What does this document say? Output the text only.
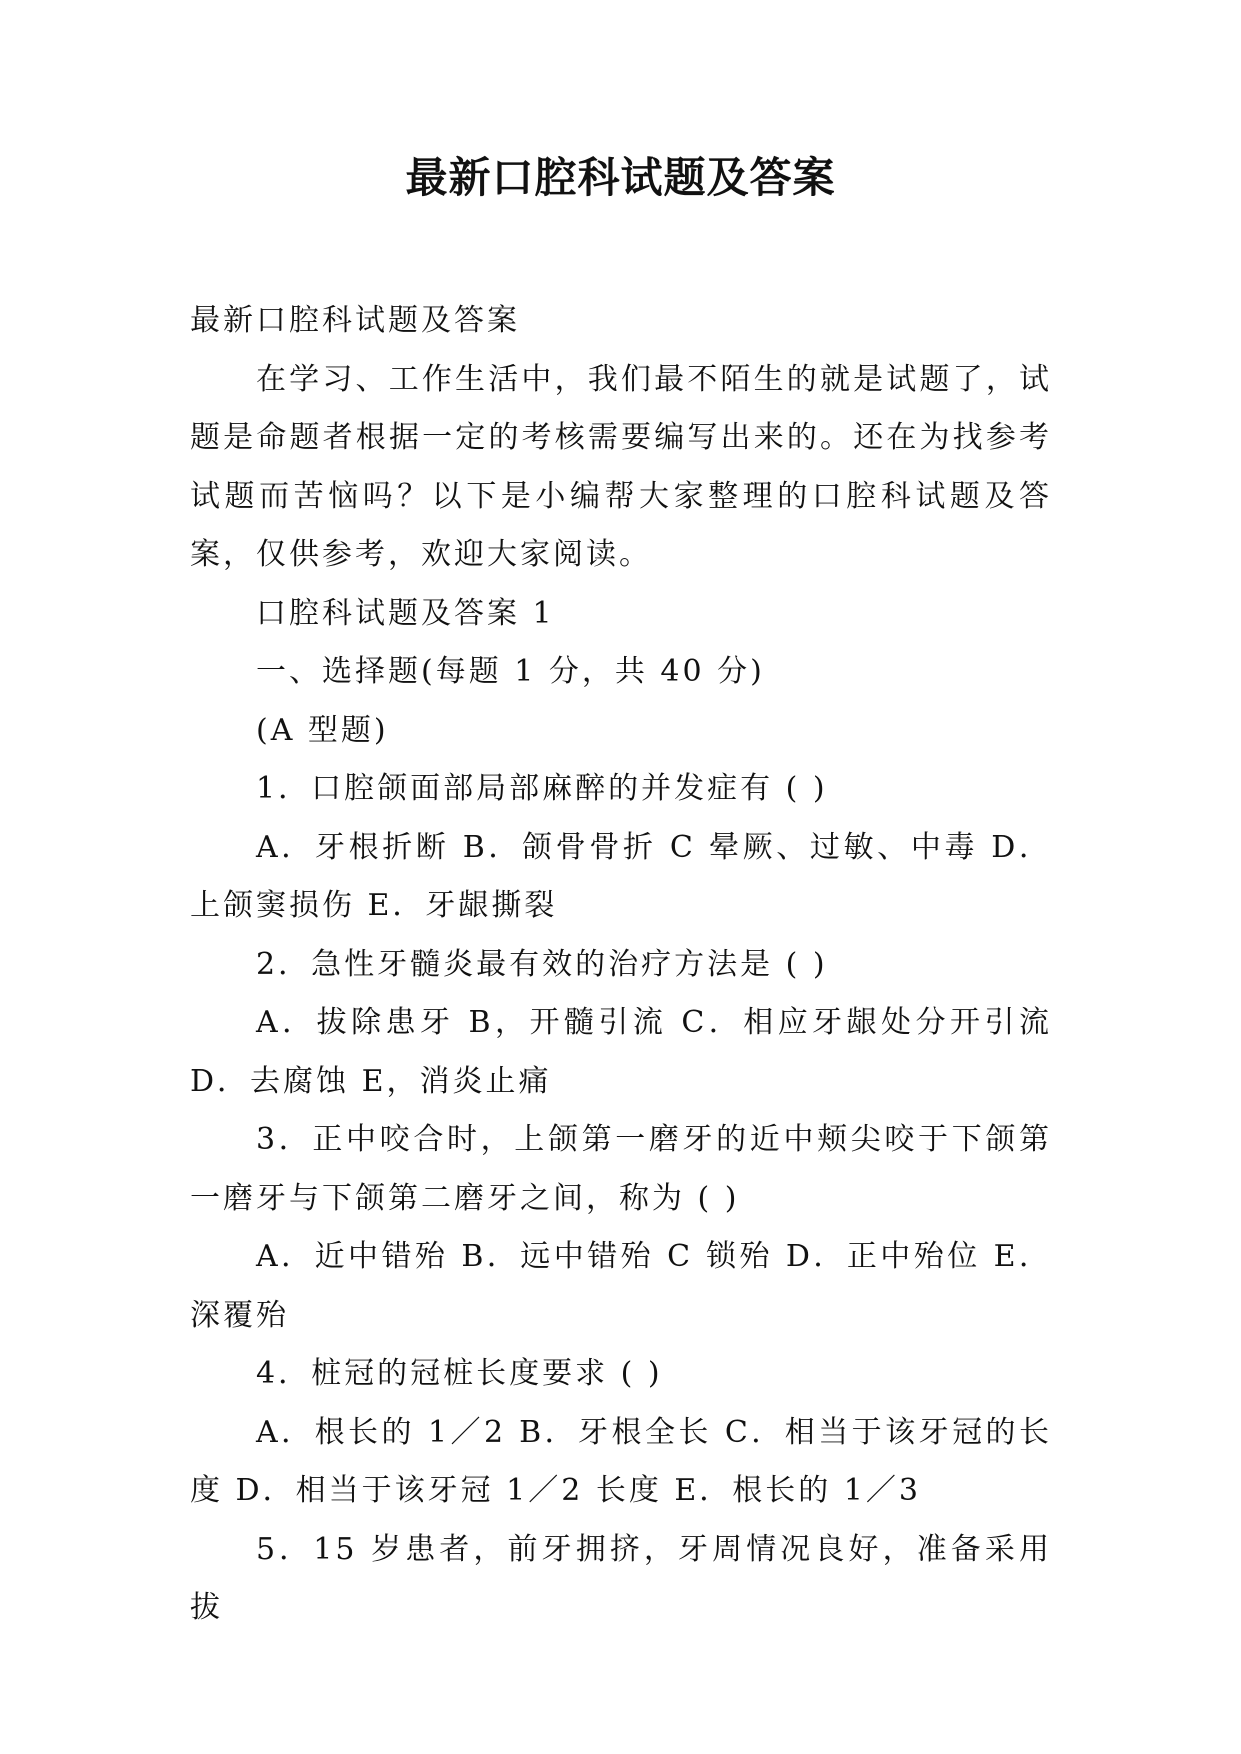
最新口腔科试题及答案

最新口腔科试题及答案

在学习、工作生活中，我们最不陌生的就是试题了，试题是命题者根据一定的考核需要编写出来的。还在为找参考试题而苦恼吗？以下是小编帮大家整理的口腔科试题及答案，仅供参考，欢迎大家阅读。

口腔科试题及答案 1

一、选择题(每题 1 分，共 40 分)

(A 型题)

1．口腔颌面部局部麻醉的并发症有 ( )

A．牙根折断 B．颌骨骨折 C 晕厥、过敏、中毒 D．上颌窦损伤 E．牙龈撕裂

2．急性牙髓炎最有效的治疗方法是 ( )

A．拔除患牙 B，开髓引流 C．相应牙龈处分开引流 D．去腐蚀 E，消炎止痛

3．正中咬合时，上颌第一磨牙的近中颊尖咬于下颌第一磨牙与下颌第二磨牙之间，称为 ( )

A．近中错殆 B．远中错殆 C 锁殆 D．正中殆位 E．深覆殆

4．桩冠的冠桩长度要求 ( )

A．根长的 1／2 B．牙根全长 C．相当于该牙冠的长度 D．相当于该牙冠 1／2 长度 E．根长的 1／3

5．15 岁患者，前牙拥挤，牙周情况良好，准备采用拔
